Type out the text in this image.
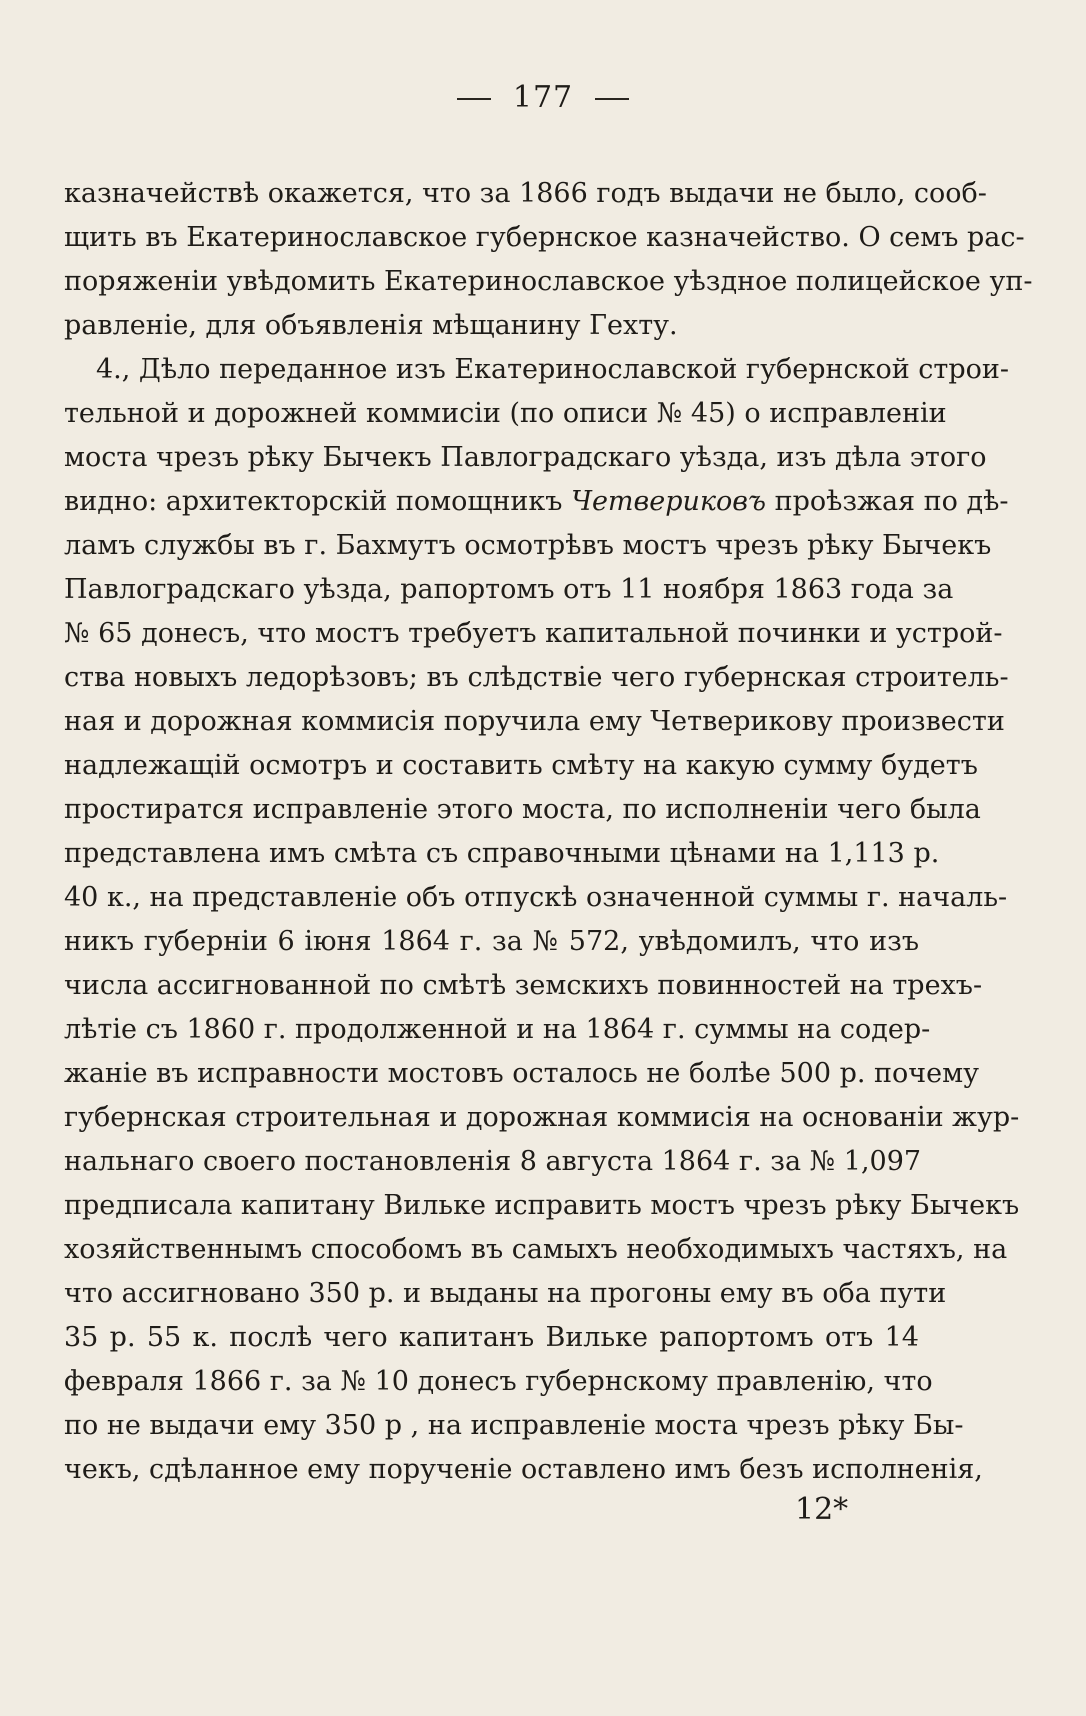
177
казначействѣ окажется, что за 1866 годъ выдачи не было, сооб-
щить въ Екатеринославское губернское казначейство. О семъ рас-
поряженіи увѣдомить Екатеринославское уѣздное полицейское уп-
равленіе, для объявленія мѣщанину Гехту.
4., Дѣло переданное изъ Екатеринославской губернской строи-
тельной и дорожней коммисіи (по описи № 45) о исправленіи
моста чрезъ рѣку Бычекъ Павлоградскаго уѣзда, изъ дѣла этого
видно: архитекторскій помощникъ Четвериковъ проѣзжая по дѣ-
ламъ службы въ г. Бахмутъ осмотрѣвъ мостъ чрезъ рѣку Бычекъ
Павлоградскаго уѣзда, рапортомъ отъ 11 ноября 1863 года за
№ 65 донесъ, что мостъ требуетъ капитальной починки и устрой-
ства новыхъ ледорѣзовъ; въ слѣдствіе чего губернская строитель-
ная и дорожная коммисія поручила ему Четверикову произвести
надлежащій осмотръ и составить смѣту на какую сумму будетъ
простиратся исправленіе этого моста, по исполненіи чего была
представлена имъ смѣта съ справочными цѣнами на 1,113 р.
40 к., на представленіе объ отпускѣ означенной суммы г. началь-
никъ губерніи 6 іюня 1864 г. за № 572, увѣдомилъ, что изъ
числа ассигнованной по смѣтѣ земскихъ повинностей на трехъ-
лѣтіе съ 1860 г. продолженной и на 1864 г. суммы на содер-
жаніе въ исправности мостовъ осталось не болѣе 500 р. почему
губернская строительная и дорожная коммисія на основаніи жур-
нальнаго своего постановленія 8 августа 1864 г. за № 1,097
предписала капитану Вильке исправить мостъ чрезъ рѣку Бычекъ
хозяйственнымъ способомъ въ самыхъ необходимыхъ частяхъ, на
что ассигновано 350 р. и выданы на прогоны ему въ оба пути
35 р. 55 к. послѣ чего капитанъ Вильке рапортомъ отъ 14
февраля 1866 г. за № 10 донесъ губернскому правленію, что
по не выдачи ему 350 р , на исправленіе моста чрезъ рѣку Бы-
чекъ, сдѣланное ему порученіе оставлено имъ безъ исполненія,
12*
